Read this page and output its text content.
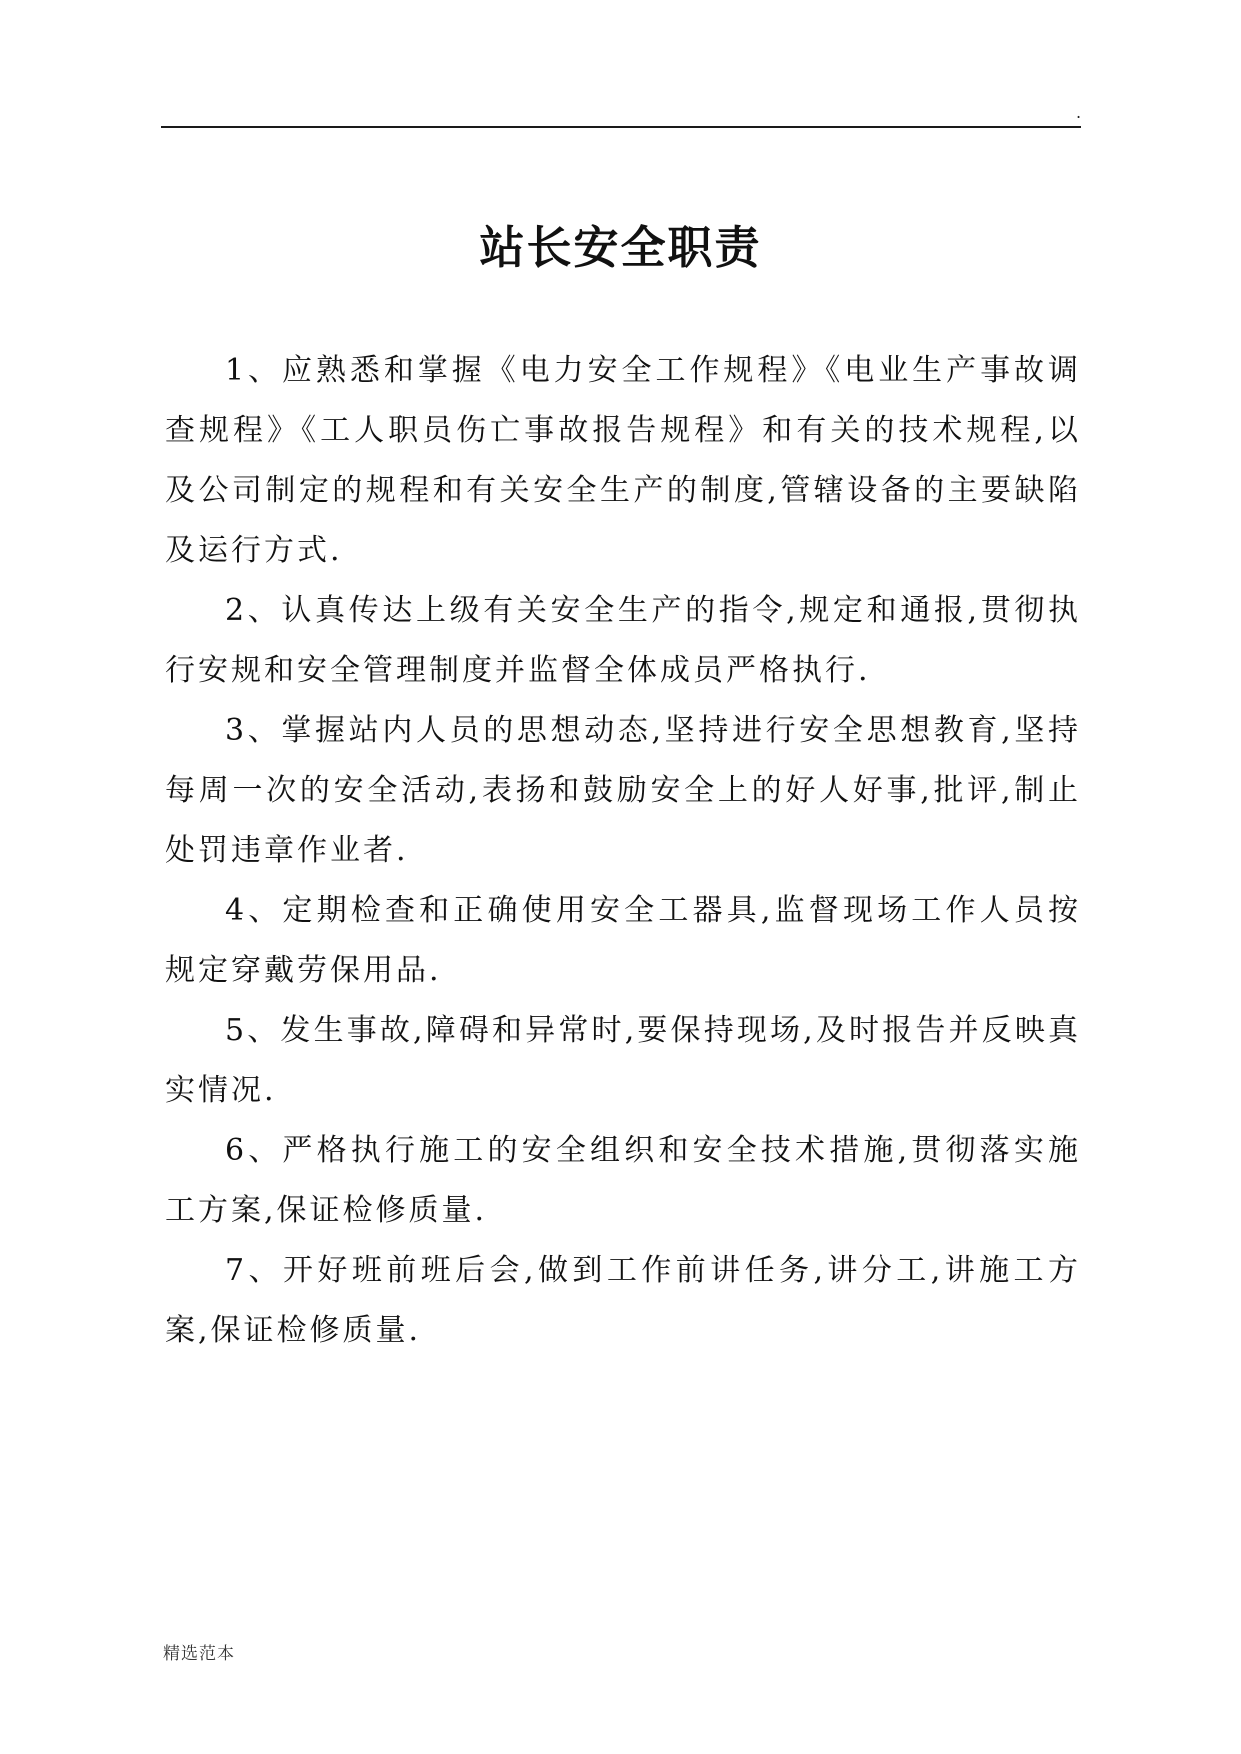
.
站长安全职责

1、应熟悉和掌握《电力安全工作规程》《电业生产事故调查规程》《工人职员伤亡事故报告规程》和有关的技术规程,以及公司制定的规程和有关安全生产的制度,管辖设备的主要缺陷及运行方式.

2、认真传达上级有关安全生产的指令,规定和通报,贯彻执行安规和安全管理制度并监督全体成员严格执行.

3、掌握站内人员的思想动态,坚持进行安全思想教育,坚持每周一次的安全活动,表扬和鼓励安全上的好人好事,批评,制止处罚违章作业者.

4、定期检查和正确使用安全工器具,监督现场工作人员按规定穿戴劳保用品.

5、发生事故,障碍和异常时,要保持现场,及时报告并反映真实情况.

6、严格执行施工的安全组织和安全技术措施,贯彻落实施工方案,保证检修质量.

7、开好班前班后会,做到工作前讲任务,讲分工,讲施工方案,保证检修质量.

精选范本
